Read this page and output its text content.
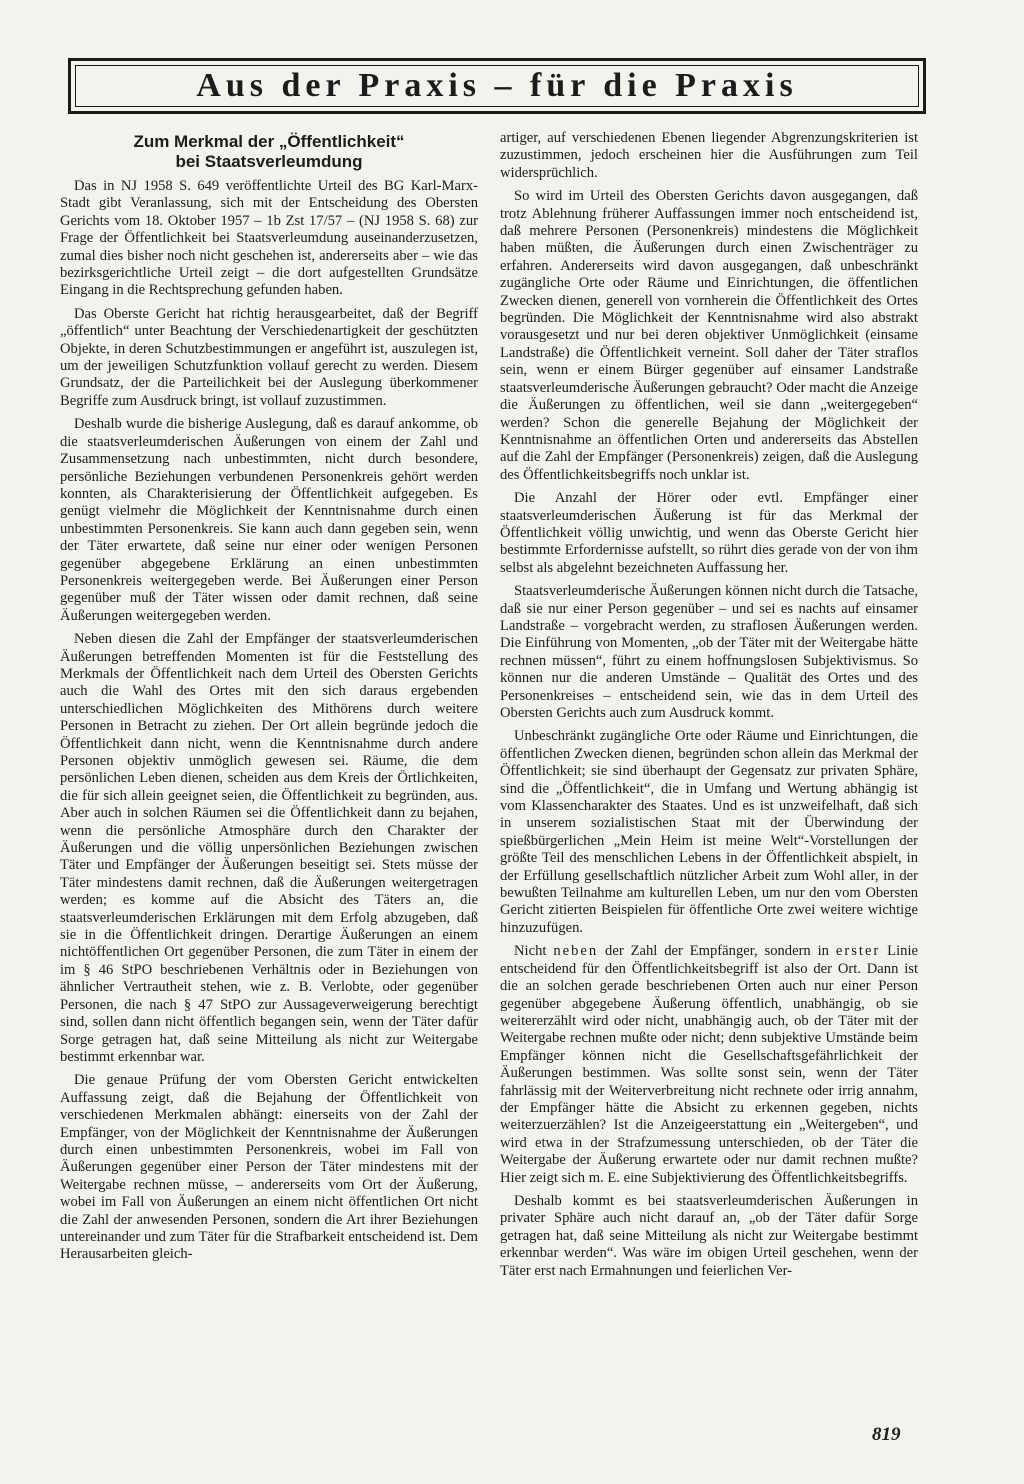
Aus der Praxis – für die Praxis
Zum Merkmal der „Öffentlichkeit“
bei Staatsverleumdung

Das in NJ 1958 S. 649 veröffentlichte Urteil des BG Karl-Marx-Stadt gibt Veranlassung, sich mit der Entscheidung des Obersten Gerichts vom 18. Oktober 1957 – 1b Zst 17/57 – (NJ 1958 S. 68) zur Frage der Öffentlichkeit bei Staatsverleumdung auseinanderzusetzen, zumal dies bisher noch nicht geschehen ist, andererseits aber – wie das bezirksgerichtliche Urteil zeigt – die dort aufgestellten Grundsätze Eingang in die Rechtsprechung gefunden haben.

Das Oberste Gericht hat richtig herausgearbeitet, daß der Begriff „öffentlich“ unter Beachtung der Verschiedenartigkeit der geschützten Objekte, in deren Schutzbestimmungen er angeführt ist, auszulegen ist, um der jeweiligen Schutzfunktion vollauf gerecht zu werden. Diesem Grundsatz, der die Parteilichkeit bei der Auslegung überkommener Begriffe zum Ausdruck bringt, ist vollauf zuzustimmen.

Deshalb wurde die bisherige Auslegung, daß es darauf ankomme, ob die staatsverleumderischen Äußerungen von einem der Zahl und Zusammensetzung nach unbestimmten, nicht durch besondere, persönliche Beziehungen verbundenen Personenkreis gehört werden konnten, als Charakterisierung der Öffentlichkeit aufgegeben. Es genügt vielmehr die Möglichkeit der Kenntnisnahme durch einen unbestimmten Personenkreis. Sie kann auch dann gegeben sein, wenn der Täter erwartete, daß seine nur einer oder wenigen Personen gegenüber abgegebene Erklärung an einen unbestimmten Personenkreis weitergegeben werde. Bei Äußerungen einer Person gegenüber muß der Täter wissen oder damit rechnen, daß seine Äußerungen weitergegeben werden.

Neben diesen die Zahl der Empfänger der staatsverleumderischen Äußerungen betreffenden Momenten ist für die Feststellung des Merkmals der Öffentlichkeit nach dem Urteil des Obersten Gerichts auch die Wahl des Ortes mit den sich daraus ergebenden unterschiedlichen Möglichkeiten des Mithörens durch weitere Personen in Betracht zu ziehen. Der Ort allein begründe jedoch die Öffentlichkeit dann nicht, wenn die Kenntnisnahme durch andere Personen objektiv unmöglich gewesen sei. Räume, die dem persönlichen Leben dienen, scheiden aus dem Kreis der Örtlichkeiten, die für sich allein geeignet seien, die Öffentlichkeit zu begründen, aus. Aber auch in solchen Räumen sei die Öffentlichkeit dann zu bejahen, wenn die persönliche Atmosphäre durch den Charakter der Äußerungen und die völlig unpersönlichen Beziehungen zwischen Täter und Empfänger der Äußerungen beseitigt sei. Stets müsse der Täter mindestens damit rechnen, daß die Äußerungen weitergetragen werden; es komme auf die Absicht des Täters an, die staatsverleumderischen Erklärungen mit dem Erfolg abzugeben, daß sie in die Öffentlichkeit dringen. Derartige Äußerungen an einem nichtöffentlichen Ort gegenüber Personen, die zum Täter in einem der im § 46 StPO beschriebenen Verhältnis oder in Beziehungen von ähnlicher Vertrautheit stehen, wie z. B. Verlobte, oder gegenüber Personen, die nach § 47 StPO zur Aussageverweigerung berechtigt sind, sollen dann nicht öffentlich begangen sein, wenn der Täter dafür Sorge getragen hat, daß seine Mitteilung als nicht zur Weitergabe bestimmt erkennbar war.

Die genaue Prüfung der vom Obersten Gericht entwickelten Auffassung zeigt, daß die Bejahung der Öffentlichkeit von verschiedenen Merkmalen abhängt: einerseits von der Zahl der Empfänger, von der Möglichkeit der Kenntnisnahme der Äußerungen durch einen unbestimmten Personenkreis, wobei im Fall von Äußerungen gegenüber einer Person der Täter mindestens mit der Weitergabe rechnen müsse, – andererseits vom Ort der Äußerung, wobei im Fall von Äußerungen an einem nicht öffentlichen Ort nicht die Zahl der anwesenden Personen, sondern die Art ihrer Beziehungen untereinander und zum Täter für die Strafbarkeit entscheidend ist. Dem Herausarbeiten gleich-

artiger, auf verschiedenen Ebenen liegender Abgrenzungskriterien ist zuzustimmen, jedoch erscheinen hier die Ausführungen zum Teil widersprüchlich.

So wird im Urteil des Obersten Gerichts davon ausgegangen, daß trotz Ablehnung früherer Auffassungen immer noch entscheidend ist, daß mehrere Personen (Personenkreis) mindestens die Möglichkeit haben müßten, die Äußerungen durch einen Zwischenträger zu erfahren. Andererseits wird davon ausgegangen, daß unbeschränkt zugängliche Orte oder Räume und Einrichtungen, die öffentlichen Zwecken dienen, generell von vornherein die Öffentlichkeit des Ortes begründen. Die Möglichkeit der Kenntnisnahme wird also abstrakt vorausgesetzt und nur bei deren objektiver Unmöglichkeit (einsame Landstraße) die Öffentlichkeit verneint. Soll daher der Täter straflos sein, wenn er einem Bürger gegenüber auf einsamer Landstraße staatsverleumderische Äußerungen gebraucht? Oder macht die Anzeige die Äußerungen zu öffentlichen, weil sie dann „weitergegeben“ werden? Schon die generelle Bejahung der Möglichkeit der Kenntnisnahme an öffentlichen Orten und andererseits das Abstellen auf die Zahl der Empfänger (Personenkreis) zeigen, daß die Auslegung des Öffentlichkeitsbegriffs noch unklar ist.

Die Anzahl der Hörer oder evtl. Empfänger einer staatsverleumderischen Äußerung ist für das Merkmal der Öffentlichkeit völlig unwichtig, und wenn das Oberste Gericht hier bestimmte Erfordernisse aufstellt, so rührt dies gerade von der von ihm selbst als abgelehnt bezeichneten Auffassung her.

Staatsverleumderische Äußerungen können nicht durch die Tatsache, daß sie nur einer Person gegenüber – und sei es nachts auf einsamer Landstraße – vorgebracht werden, zu straflosen Äußerungen werden. Die Einführung von Momenten, „ob der Täter mit der Weitergabe hätte rechnen müssen“, führt zu einem hoffnungslosen Subjektivismus. So können nur die anderen Umstände – Qualität des Ortes und des Personenkreises – entscheidend sein, wie das in dem Urteil des Obersten Gerichts auch zum Ausdruck kommt.

Unbeschränkt zugängliche Orte oder Räume und Einrichtungen, die öffentlichen Zwecken dienen, begründen schon allein das Merkmal der Öffentlichkeit; sie sind überhaupt der Gegensatz zur privaten Sphäre, sind die „Öffentlichkeit“, die in Umfang und Wertung abhängig ist vom Klassencharakter des Staates. Und es ist unzweifelhaft, daß sich in unserem sozialistischen Staat mit der Überwindung der spießbürgerlichen „Mein Heim ist meine Welt“-Vorstellungen der größte Teil des menschlichen Lebens in der Öffentlichkeit abspielt, in der Erfüllung gesellschaftlich nützlicher Arbeit zum Wohl aller, in der bewußten Teilnahme am kulturellen Leben, um nur den vom Obersten Gericht zitierten Beispielen für öffentliche Orte zwei weitere wichtige hinzuzufügen.

Nicht neben der Zahl der Empfänger, sondern in erster Linie entscheidend für den Öffentlichkeitsbegriff ist also der Ort. Dann ist die an solchen gerade beschriebenen Orten auch nur einer Person gegenüber abgegebene Äußerung öffentlich, unabhängig, ob sie weitererzählt wird oder nicht, unabhängig auch, ob der Täter mit der Weitergabe rechnen mußte oder nicht; denn subjektive Umstände beim Empfänger können nicht die Gesellschaftsgefährlichkeit der Äußerungen bestimmen. Was sollte sonst sein, wenn der Täter fahrlässig mit der Weiterverbreitung nicht rechnete oder irrig annahm, der Empfänger hätte die Absicht zu erkennen gegeben, nichts weiterzuerzählen? Ist die Anzeigeerstattung ein „Weitergeben“, und wird etwa in der Strafzumessung unterschieden, ob der Täter die Weitergabe der Äußerung erwartete oder nur damit rechnen mußte? Hier zeigt sich m. E. eine Subjektivierung des Öffentlichkeitsbegriffs.

Deshalb kommt es bei staatsverleumderischen Äußerungen in privater Sphäre auch nicht darauf an, „ob der Täter dafür Sorge getragen hat, daß seine Mitteilung als nicht zur Weitergabe bestimmt erkennbar werden“. Was wäre im obigen Urteil geschehen, wenn der Täter erst nach Ermahnungen und feierlichen Ver-

819
